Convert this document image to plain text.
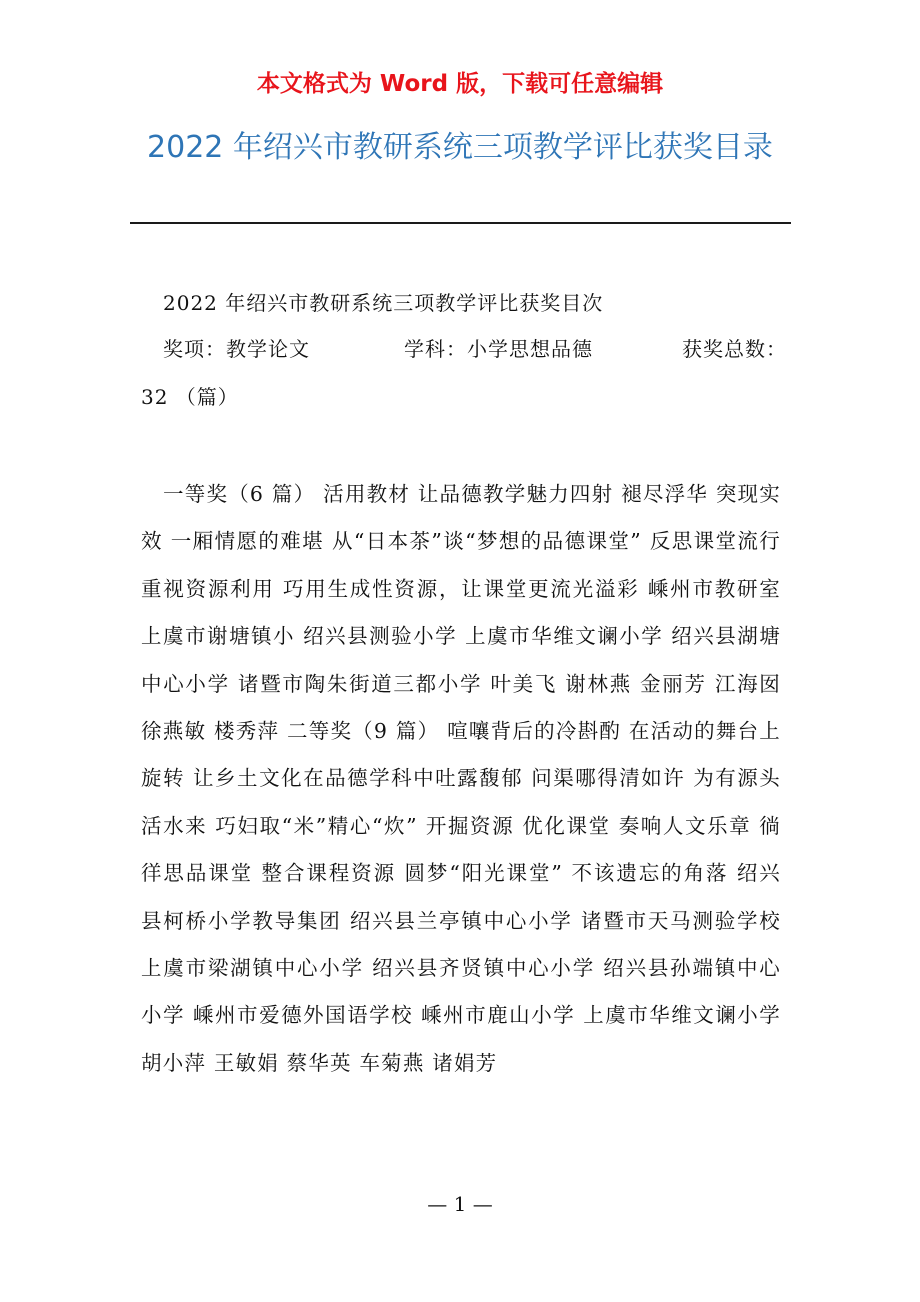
本文格式为 Word 版，下载可任意编辑
2022 年绍兴市教研系统三项教学评比获奖目录
2022 年绍兴市教研系统三项教学评比获奖目次
奖项：教学论文	学科：小学思想品德	获奖总数：
32 （篇）
一等奖（6 篇） 活用教材 让品德教学魅力四射 褪尽浮华 突现实效 一厢情愿的难堪 从“日本茶”谈“梦想的品德课堂” 反思课堂流行 重视资源利用 巧用生成性资源，让课堂更流光溢彩 嵊州市教研室 上虞市谢塘镇小 绍兴县测验小学 上虞市华维文谰小学 绍兴县湖塘中心小学 诸暨市陶朱街道三都小学 叶美飞 谢林燕 金丽芳 江海囡 徐燕敏 楼秀萍 二等奖（9 篇） 喧嚷背后的冷斟酌 在活动的舞台上旋转 让乡土文化在品德学科中吐露馥郁 问渠哪得清如许 为有源头活水来 巧妇取“米”精心“炊” 开掘资源 优化课堂 奏响人文乐章 徜徉思品课堂 整合课程资源 圆梦“阳光课堂” 不该遗忘的角落 绍兴县柯桥小学教导集团 绍兴县兰亭镇中心小学 诸暨市天马测验学校 上虞市梁湖镇中心小学 绍兴县齐贤镇中心小学 绍兴县孙端镇中心小学 嵊州市爱德外国语学校 嵊州市鹿山小学 上虞市华维文谰小学 胡小萍 王敏娟 蔡华英 车菊燕 诸娟芳
— 1 —
